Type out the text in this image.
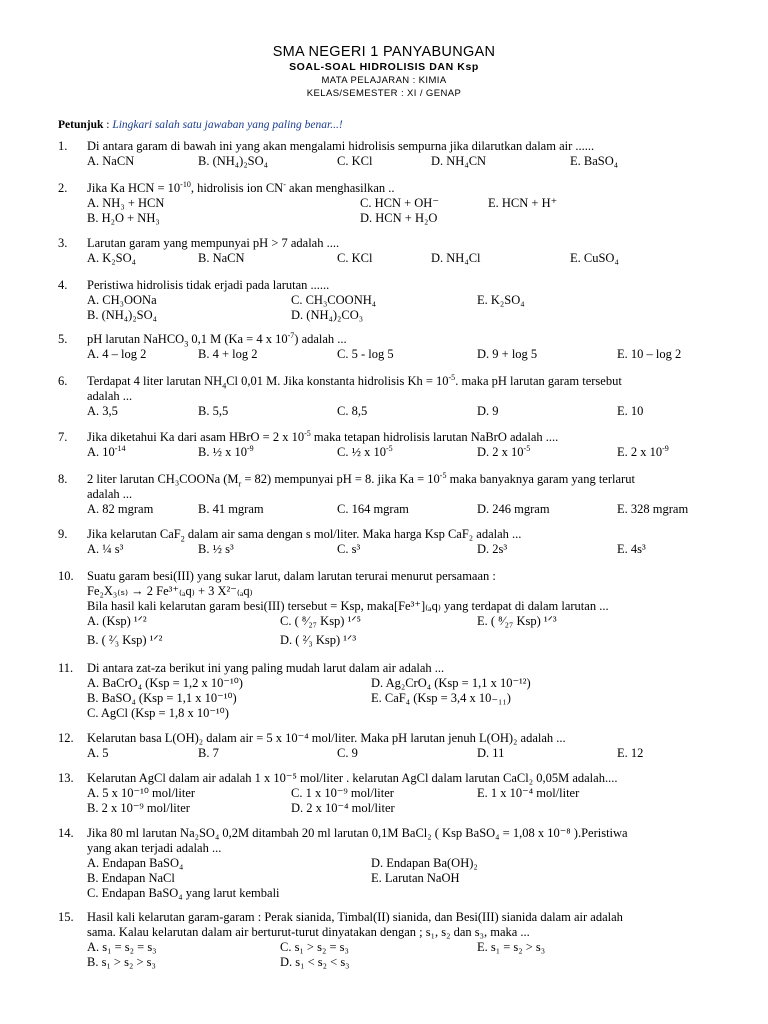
SMA NEGERI 1 PANYABUNGAN
SOAL-SOAL HIDROLISIS DAN Ksp
MATA PELAJARAN : KIMIA
KELAS/SEMESTER : XI / GENAP
Petunjuk : Lingkari salah satu jawaban yang paling benar...!
1. Di antara garam di bawah ini yang akan mengalami hidrolisis sempurna jika dilarutkan dalam air ......
A. NaCN	B. (NH₄)₂SO₄	C. KCl	D. NH₄CN	E. BaSO₄
2. Jika Ka HCN = $10^{-10}$, hidrolisis ion CN- akan menghasilkan ..
A. NH₃ + HCN	C. HCN + OH⁻	E. HCN + H⁺
B. H₂O + NH₃	D. HCN + H₂O
3. Larutan garam yang mempunyai pH > 7 adalah ....
A. K₂SO₄	B. NaCN	C. KCl	D. NH₄Cl	E. CuSO₄
4. Peristiwa hidrolisis tidak erjadi pada larutan ......
A. CH₃OONa	C. CH₃COONH₄	E. K₂SO₄
B. (NH₄)₂SO₄	D. (NH₄)₂CO₃
5. pH larutan NaHCO$_3$ 0,1 M (Ka = 4 x $10^{-7}$) adalah ...
A. 4 – log 2	B. 4 + log 2	C. 5 - log 5	D. 9 + log 5	E. 10 – log 2
6. Terdapat 4 liter larutan $NH_4Cl$ 0,01 M. Jika konstanta hidrolisis $Kh = 10^{-5}$. maka pH larutan garam tersebut
adalah ...
A. 3,5	B. 5,5	C. 8,5	D. 9	E. 10
7. Jika diketahui Ka dari asam HBrO = 2 x $10^{-5}$ maka tetapan hidrolisis larutan NaBrO adalah ....
A. $10^{-14}$	B. ½ x $10^{-9}$	C. ½ x $10^{-5}$	D. 2 x $10^{-5}$	E. 2 x $10^{-9}$
8. 2 liter larutan CH₃COONa $(M_r = 82)$ mempunyai pH = 8. jika $Ka = 10^{-5}$ maka banyaknya garam yang terlarut
adalah ...
A. 82 mgram	B. 41 mgram	C. 164 mgram	D. 246 mgram	E. 328 mgram
9. Jika kelarutan CaF$_2$ dalam air sama dengan s mol/liter. Maka harga Ksp CaF₂ adalah ...
A. ¼ s³	B. ½ s³	C. s³	D. 2s³	E. 4s³
10. Suatu garam besi(III) yang sukar larut, dalam larutan terurai menurut persamaan :
Fe₂X₃₍ₛ₎ → 2 Fe³⁺₍ₐq₎ + 3 X²⁻₍ₐq₎
Bila hasil kali kelarutan garam besi(III) tersebut = Ksp, maka[Fe³⁺]₍ₐq₎ yang terdapat di dalam larutan ...
A. (Ksp) ¹ᐟ²	C. ( ⁸⁄₂₇ Ksp) ¹ᐟ⁵	E. ( ⁸⁄₂₇ Ksp) ¹ᐟ³
B. ( ²⁄₃ Ksp) ¹ᐟ²	D. ( ²⁄₃ Ksp) ¹ᐟ³
11. Di antara zat-za berikut ini yang paling mudah larut dalam air adalah ...
A. BaCrO₄ (Ksp = 1,2 x 10⁻¹⁰)	D. Ag₂CrO₄ (Ksp = 1,1 x 10⁻¹²)
B. BaSO₄ (Ksp = 1,1 x 10⁻¹⁰)	E. CaF₄ (Ksp = 3,4 x 10₋₁₁)
C. AgCl (Ksp = 1,8 x 10⁻¹⁰)
12. Kelarutan basa L(OH)₂ dalam air = 5 x 10⁻⁴ mol/liter. Maka pH larutan jenuh L(OH)₂ adalah ...
A. 5	B. 7	C. 9	D. 11	E. 12
13. Kelarutan AgCl dalam air adalah 1 x 10⁻⁵ mol/liter . kelarutan AgCl dalam larutan CaCl₂ 0,05M adalah....
A. 5 x 10⁻¹⁰ mol/liter	C. 1 x 10⁻⁹ mol/liter	E. 1 x 10⁻⁴ mol/liter
B. 2 x 10⁻⁹ mol/liter	D. 2 x 10⁻⁴ mol/liter
14. Jika 80 ml larutan Na₂SO₄ 0,2M ditambah 20 ml larutan 0,1M BaCl₂ ( Ksp BaSO₄ = 1,08 x 10⁻⁸ ).Peristiwa
yang akan terjadi adalah ...
A. Endapan BaSO₄	D. Endapan Ba(OH)₂
B. Endapan NaCl	E. Larutan NaOH
C. Endapan BaSO₄ yang larut kembali
15. Hasil kali kelarutan garam-garam : Perak sianida, Timbal(II) sianida, dan Besi(III) sianida dalam air adalah
sama. Kalau kelarutan dalam air berturut-turut dinyatakan dengan ; s₁, s₂ dan s₃, maka ...
A. s₁ = s₂ = s₃	C. s₁ > s₂ = s₃	E. s₁ = s₂ > s₃
B. s₁ > s₂ > s₃	D. s₁ < s₂ < s₃
